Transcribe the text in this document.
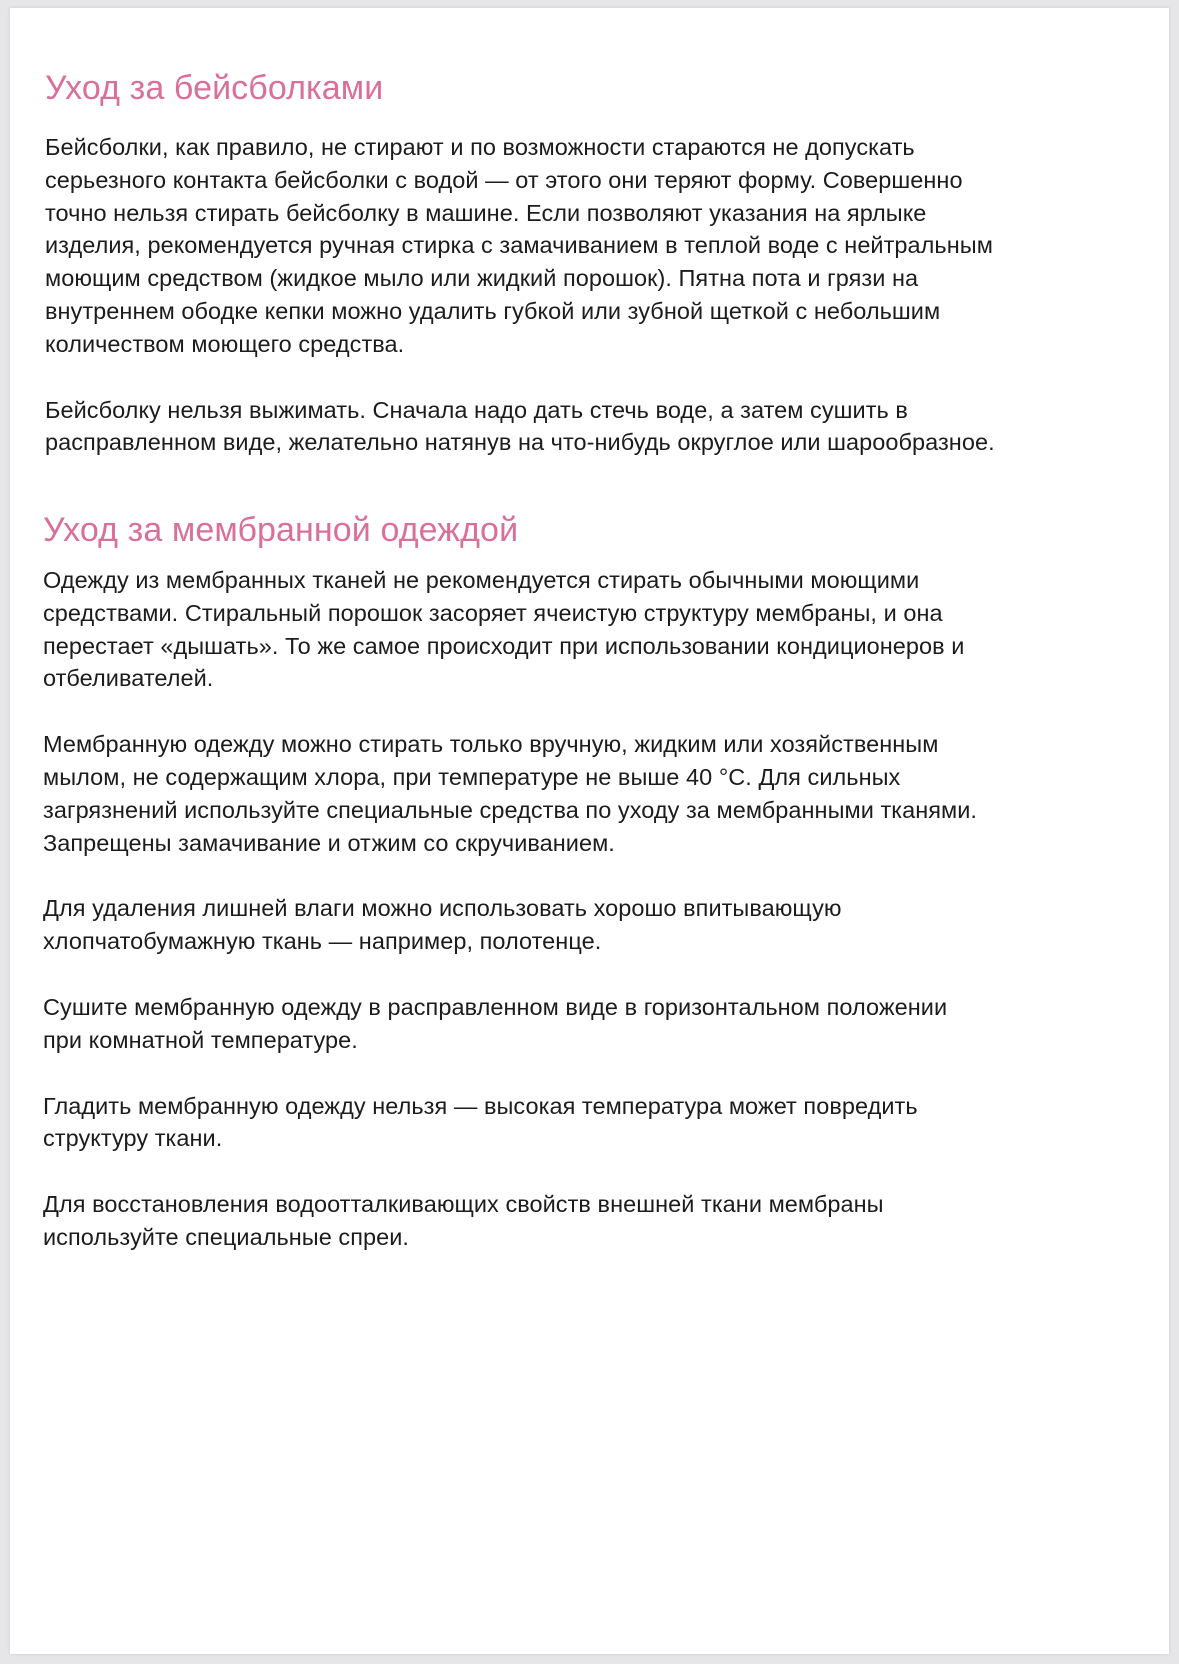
Уход за бейсболками

Бейсболки, как правило, не стирают и по возможности стараются не допускать
серьезного контакта бейсболки с водой — от этого они теряют форму. Совершенно
точно нельзя стирать бейсболку в машине. Если позволяют указания на ярлыке
изделия, рекомендуется ручная стирка с замачиванием в теплой воде с нейтральным
моющим средством (жидкое мыло или жидкий порошок). Пятна пота и грязи на
внутреннем ободке кепки можно удалить губкой или зубной щеткой с небольшим
количеством моющего средства.

Бейсболку нельзя выжимать. Сначала надо дать стечь воде, а затем сушить в
расправленном виде, желательно натянув на что-нибудь округлое или шарообразное.

Уход за мембранной одеждой

Одежду из мембранных тканей не рекомендуется стирать обычными моющими
средствами. Стиральный порошок засоряет ячеистую структуру мембраны, и она
перестает «дышать». То же самое происходит при использовании кондиционеров и
отбеливателей.

Мембранную одежду можно стирать только вручную, жидким или хозяйственным
мылом, не содержащим хлора, при температуре не выше 40 °С. Для сильных
загрязнений используйте специальные средства по уходу за мембранными тканями.
Запрещены замачивание и отжим со скручиванием.

Для удаления лишней влаги можно использовать хорошо впитывающую
хлопчатобумажную ткань — например, полотенце.

Сушите мембранную одежду в расправленном виде в горизонтальном положении
при комнатной температуре.

Гладить мембранную одежду нельзя — высокая температура может повредить
структуру ткани.

Для восстановления водоотталкивающих свойств внешней ткани мембраны
используйте специальные спреи.
